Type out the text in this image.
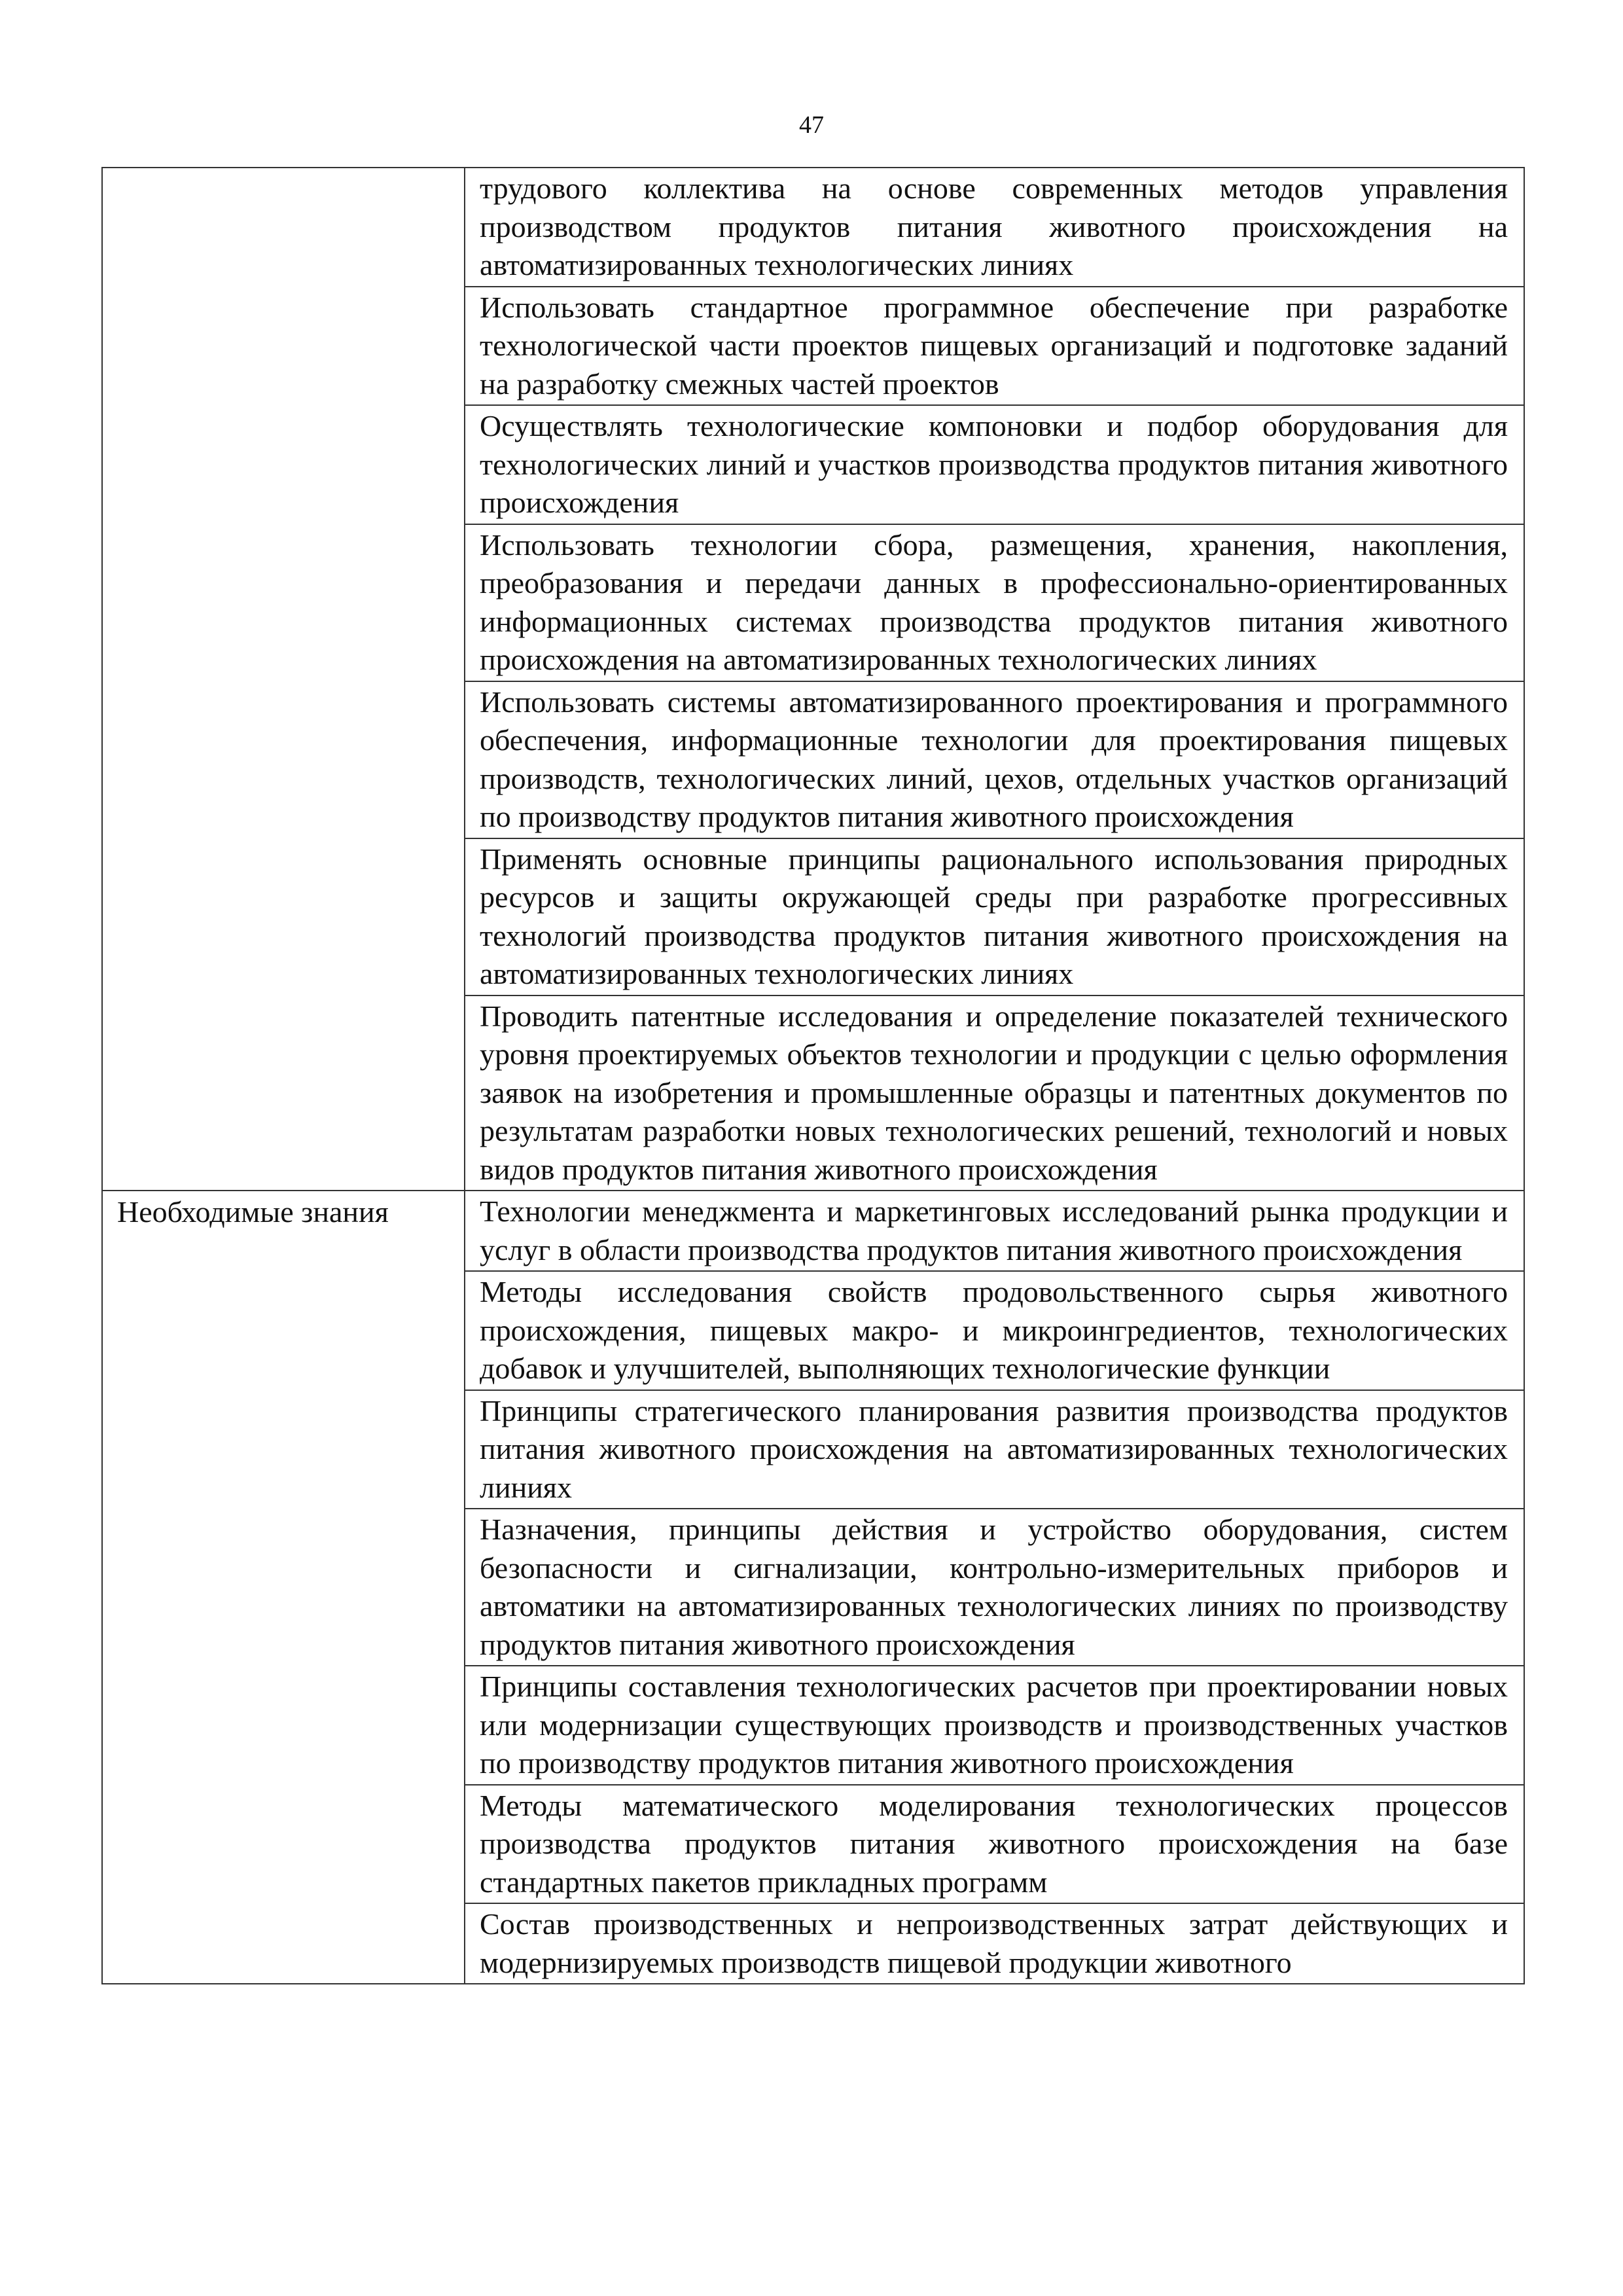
47
	трудового коллектива на основе современных методов управления производством продуктов питания животного происхождения на автоматизированных технологических линиях
	Использовать стандартное программное обеспечение при разработке технологической части проектов пищевых организаций и подготовке заданий на разработку смежных частей проектов
	Осуществлять технологические компоновки и подбор оборудования для технологических линий и участков производства продуктов питания животного происхождения
	Использовать технологии сбора, размещения, хранения, накопления, преобразования и передачи данных в профессионально-ориентированных информационных системах производства продуктов питания животного происхождения на автоматизированных технологических линиях
	Использовать системы автоматизированного проектирования и программного обеспечения, информационные технологии для проектирования пищевых производств, технологических линий, цехов, отдельных участков организаций по производству продуктов питания животного происхождения
	Применять основные принципы рационального использования природных ресурсов и защиты окружающей среды при разработке прогрессивных технологий производства продуктов питания животного происхождения на автоматизированных технологических линиях
	Проводить патентные исследования и определение показателей технического уровня проектируемых объектов технологии и продукции с целью оформления заявок на изобретения и промышленные образцы и патентных документов по результатам разработки новых технологических решений, технологий и новых видов продуктов питания животного происхождения

Необходимые знания	Технологии менеджмента и маркетинговых исследований рынка продукции и услуг в области производства продуктов питания животного происхождения
	Методы исследования свойств продовольственного сырья животного происхождения, пищевых макро- и микроингредиентов, технологических добавок и улучшителей, выполняющих технологические функции
	Принципы стратегического планирования развития производства продуктов питания животного происхождения на автоматизированных технологических линиях
	Назначения, принципы действия и устройство оборудования, систем безопасности и сигнализации, контрольно-измерительных приборов и автоматики на автоматизированных технологических линиях по производству продуктов питания животного происхождения
	Принципы составления технологических расчетов при проектировании новых или модернизации существующих производств и производственных участков по производству продуктов питания животного происхождения
	Методы математического моделирования технологических процессов производства продуктов питания животного происхождения на базе стандартных пакетов прикладных программ
	Состав производственных и непроизводственных затрат действующих и модернизируемых производств пищевой продукции животного
